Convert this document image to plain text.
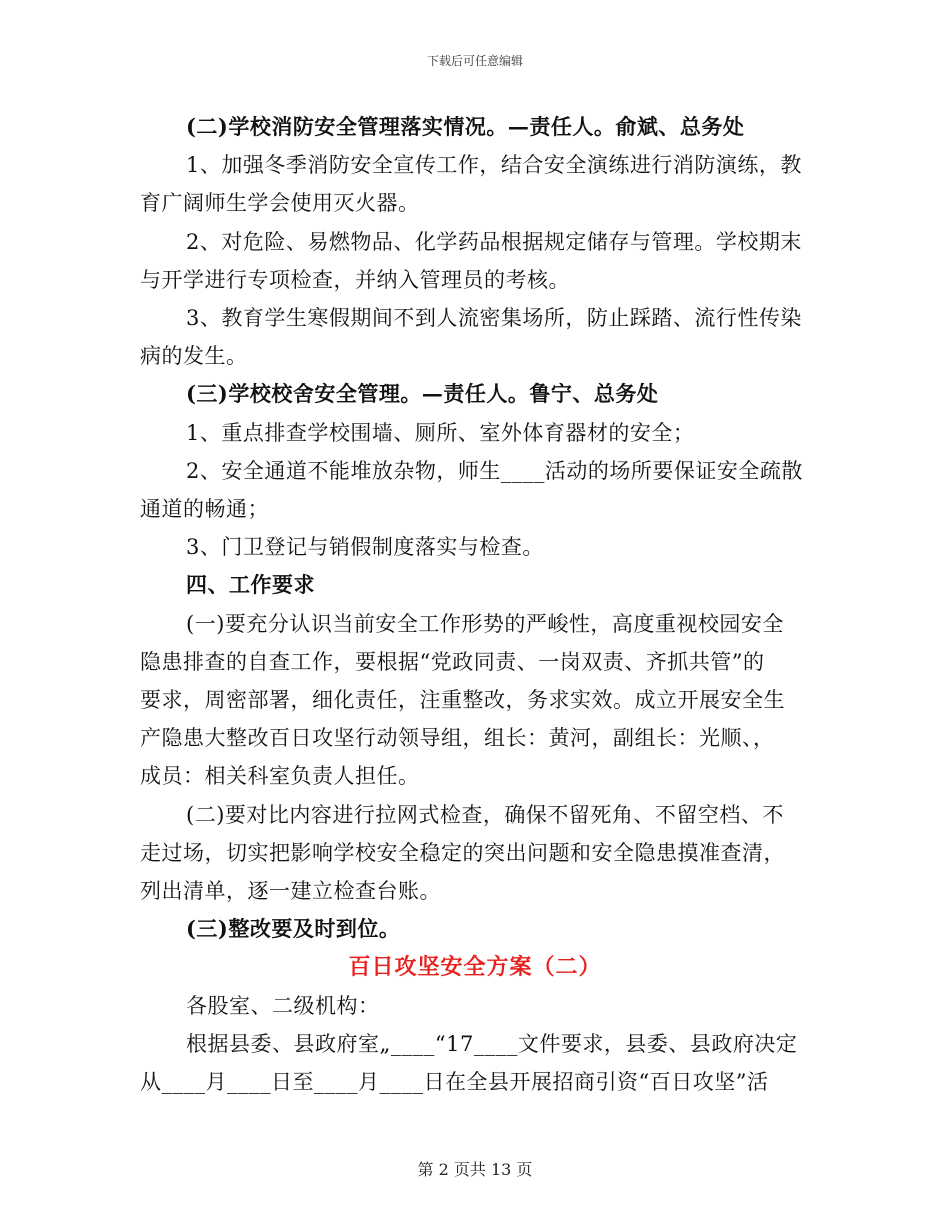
下载后可任意编辑
(二)学校消防安全管理落实情况。—责任人。俞斌、总务处
1、加强冬季消防安全宣传工作，结合安全演练进行消防演练，教
育广阔师生学会使用灭火器。
2、对危险、易燃物品、化学药品根据规定储存与管理。学校期末
与开学进行专项检查，并纳入管理员的考核。
3、教育学生寒假期间不到人流密集场所，防止踩踏、流行性传染
病的发生。
(三)学校校舍安全管理。—责任人。鲁宁、总务处
1、重点排查学校围墙、厕所、室外体育器材的安全；
2、安全通道不能堆放杂物，师生____活动的场所要保证安全疏散
通道的畅通；
3、门卫登记与销假制度落实与检查。
四、工作要求
(一)要充分认识当前安全工作形势的严峻性，高度重视校园安全
隐患排查的自查工作，要根据“党政同责、一岗双责、齐抓共管”的
要求，周密部署，细化责任，注重整改，务求实效。成立开展安全生
产隐患大整改百日攻坚行动领导组，组长：黄河，副组长：光顺、，
成员：相关科室负责人担任。
(二)要对比内容进行拉网式检查，确保不留死角、不留空档、不
走过场，切实把影响学校安全稳定的突出问题和安全隐患摸准查清，
列出清单，逐一建立检查台账。
(三)整改要及时到位。
百日攻坚安全方案（二）
各股室、二级机构：
根据县委、县政府室„____“17____文件要求，县委、县政府决定
从____月____日至____月____日在全县开展招商引资“百日攻坚”活
第 2 页共 13 页
